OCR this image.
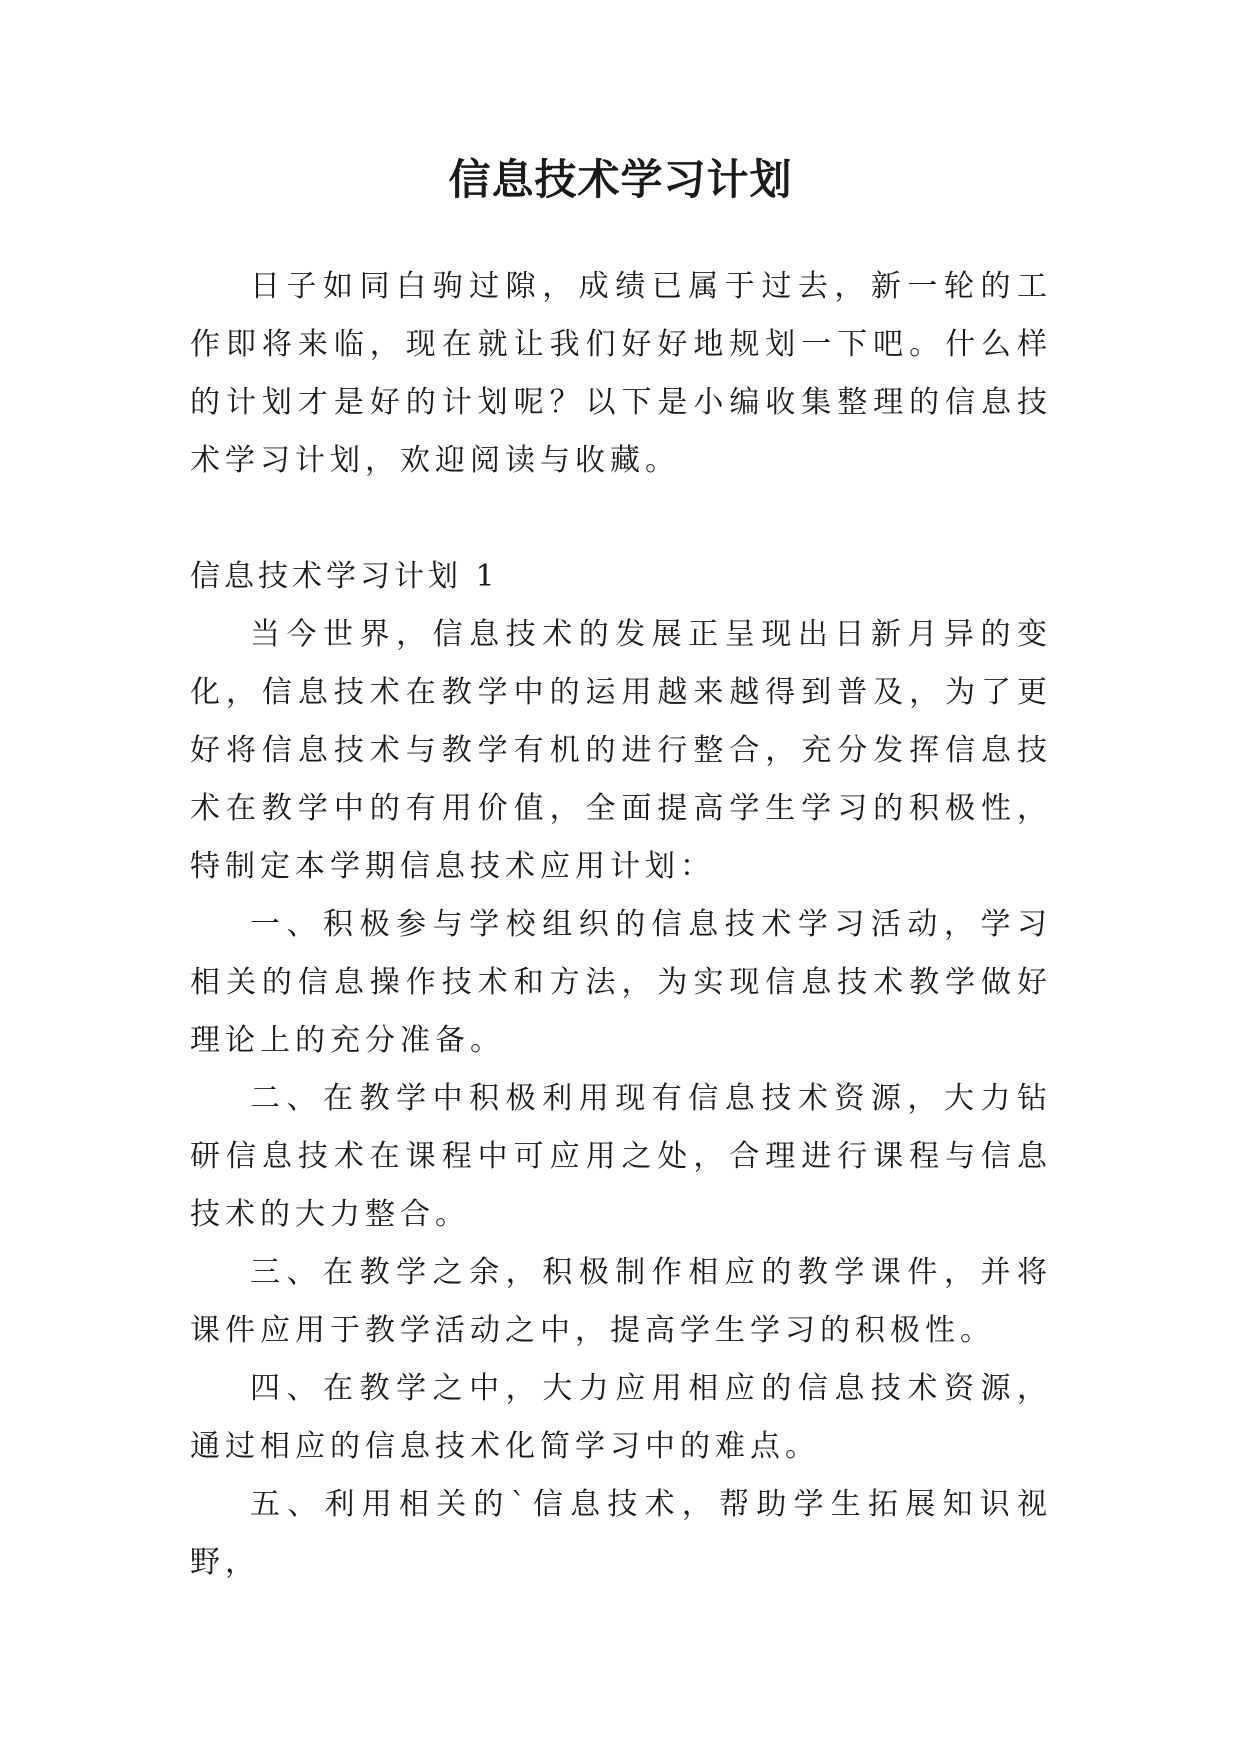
信息技术学习计划

日子如同白驹过隙，成绩已属于过去，新一轮的工作即将来临，现在就让我们好好地规划一下吧。什么样的计划才是好的计划呢？以下是小编收集整理的信息技术学习计划，欢迎阅读与收藏。

信息技术学习计划 1

当今世界，信息技术的发展正呈现出日新月异的变化，信息技术在教学中的运用越来越得到普及，为了更好将信息技术与教学有机的进行整合，充分发挥信息技术在教学中的有用价值，全面提高学生学习的积极性，特制定本学期信息技术应用计划：

一、积极参与学校组织的信息技术学习活动，学习相关的信息操作技术和方法，为实现信息技术教学做好理论上的充分准备。

二、在教学中积极利用现有信息技术资源，大力钻研信息技术在课程中可应用之处，合理进行课程与信息技术的大力整合。

三、在教学之余，积极制作相应的教学课件，并将课件应用于教学活动之中，提高学生学习的积极性。

四、在教学之中，大力应用相应的信息技术资源，通过相应的信息技术化简学习中的难点。

五、利用相关的`信息技术，帮助学生拓展知识视野，
